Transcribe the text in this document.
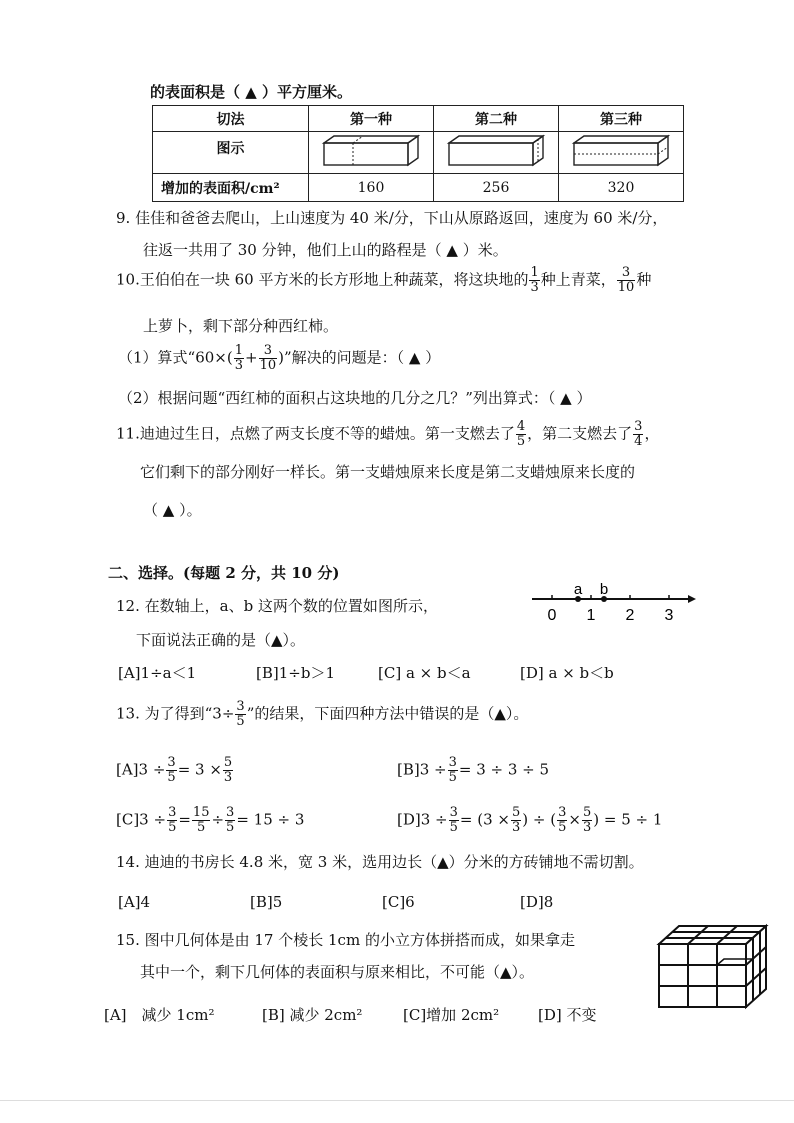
的表面积是（ ▲ ）平方厘米。
切法	第一种	第二种	第三种
图示			
增加的表面积/cm²	160	256	320
9. 佳佳和爸爸去爬山，上山速度为 40 米/分，下山从原路返回，速度为 60 米/分，
往返一共用了 30 分钟，他们上山的路程是（ ▲ ）米。
10.王伯伯在一块 60 平方米的长方形地上种蔬菜，将这块地的 $\frac{1}{3}$ 种上青菜， $\frac{3}{10}$ 种
上萝卜，剩下部分种西红柿。
（1）算式“$60\times( \frac{1}{3} + \frac{3}{10}$ )”解决的问题是：（ ▲ ）
（2）根据问题“西红柿的面积占这块地的几分之几？”列出算式：（ ▲ ）
11.迪迪过生日，点燃了两支长度不等的蜡烛。第一支燃去了 $\frac{4}{5}$ ，第二支燃去了 $\frac{3}{4}$ ，
它们剩下的部分刚好一样长。第一支蜡烛原来长度是第二支蜡烛原来长度的
（ ▲ ）。
二、选择。(每题 2 分，共 10 分)
12. 在数轴上，a、b 这两个数的位置如图所示，
下面说法正确的是（▲）。
a b
0 1 2 3
[A]1÷a＜1	[B]1÷b＞1	[C] a × b＜a	[D] a × b＜b
13. 为了得到“$3\div \frac{3}{5}$ ”的结果，下面四种方法中错误的是（▲）。
$[A]3 \div \frac{3}{5} = 3 \times \frac{5}{3}$	$[B]3 \div \frac{3}{5} = 3 \div 3 \div 5$
$[C]3 \div \frac{3}{5} = \frac{15}{5} \div \frac{3}{5} = 15 \div 3$	$[D]3 \div \frac{3}{5} = (3 \times \frac{5}{3}$ ) ÷ ( $\frac{3}{5} \times \frac{5}{3}$ ) = 5 ÷ 1
14. 迪迪的书房长 4.8 米，宽 3 米，选用边长（▲）分米的方砖铺地不需切割。
[A]4	[B]5	[C]6	[D]8
15. 图中几何体是由 17 个棱长 1cm 的小立方体拼搭而成，如果拿走
其中一个，剩下几何体的表面积与原来相比，不可能（▲）。
[A]　减少 1cm²	[B] 减少 2cm²	[C]增加 2cm²	[D] 不变
